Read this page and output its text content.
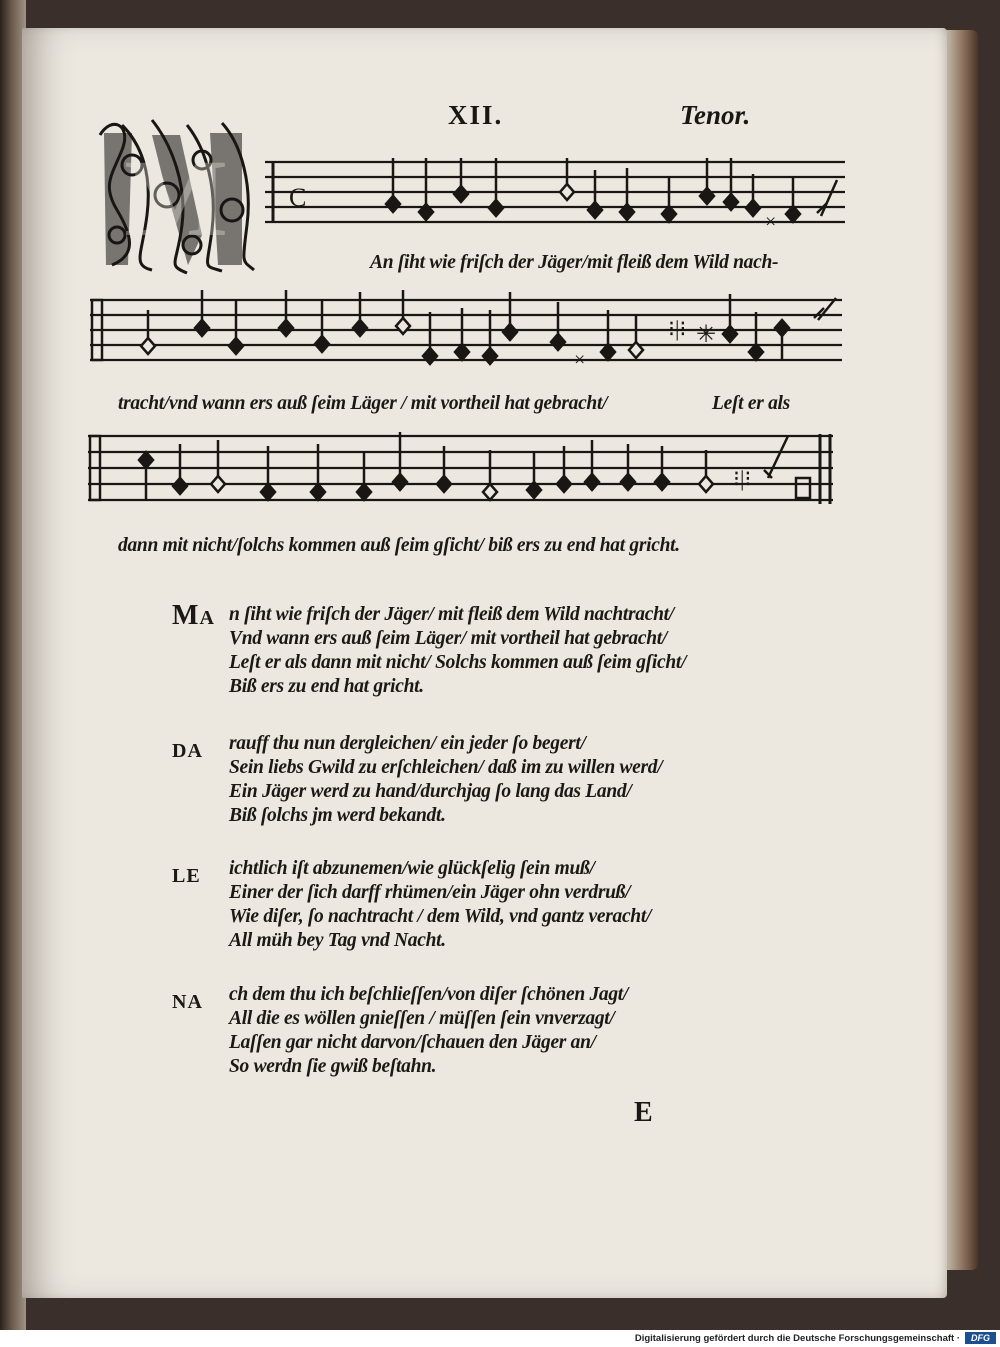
XII.	Tenor.
M C
×
An ſiht wie friſch der Jäger/mit fleiß dem Wild nach-
×
⁝|⁝ ✳
tracht/vnd wann ers auß ſeim Läger / mit vortheil hat gebracht/	Leſt er als
⁝|⁝
dann mit nicht/ſolchs kommen auß ſeim gſicht/ biß ers zu end hat gricht.
MA n ſiht wie friſch der Jäger/ mit fleiß dem Wild nachtracht/
Vnd wann ers auß ſeim Läger/ mit vortheil hat gebracht/
Leſt er als dann mit nicht/ Solchs kommen auß ſeim gſicht/
Biß ers zu end hat gricht.
DA rauff thu nun dergleichen/ ein jeder ſo begert/
Sein liebs Gwild zu erſchleichen/ daß im zu willen werd/
Ein Jäger werd zu hand/durchjag ſo lang das Land/
Biß ſolchs jm werd bekandt.
LE ichtlich iſt abzunemen/wie glückſelig ſein muß/
Einer der ſich darff rhümen/ein Jäger ohn verdruß/
Wie diſer, ſo nachtracht / dem Wild, vnd gantz veracht/
All müh bey Tag vnd Nacht.
NA ch dem thu ich beſchlieſſen/von diſer ſchönen Jagt/
All die es wöllen gnieſſen / müſſen ſein vnverzagt/
Laſſen gar nicht darvon/ſchauen den Jäger an/
So werdn ſie gwiß beſtahn.
E
Digitalisierung gefördert durch die Deutsche Forschungsgemeinschaft ·	DFG
